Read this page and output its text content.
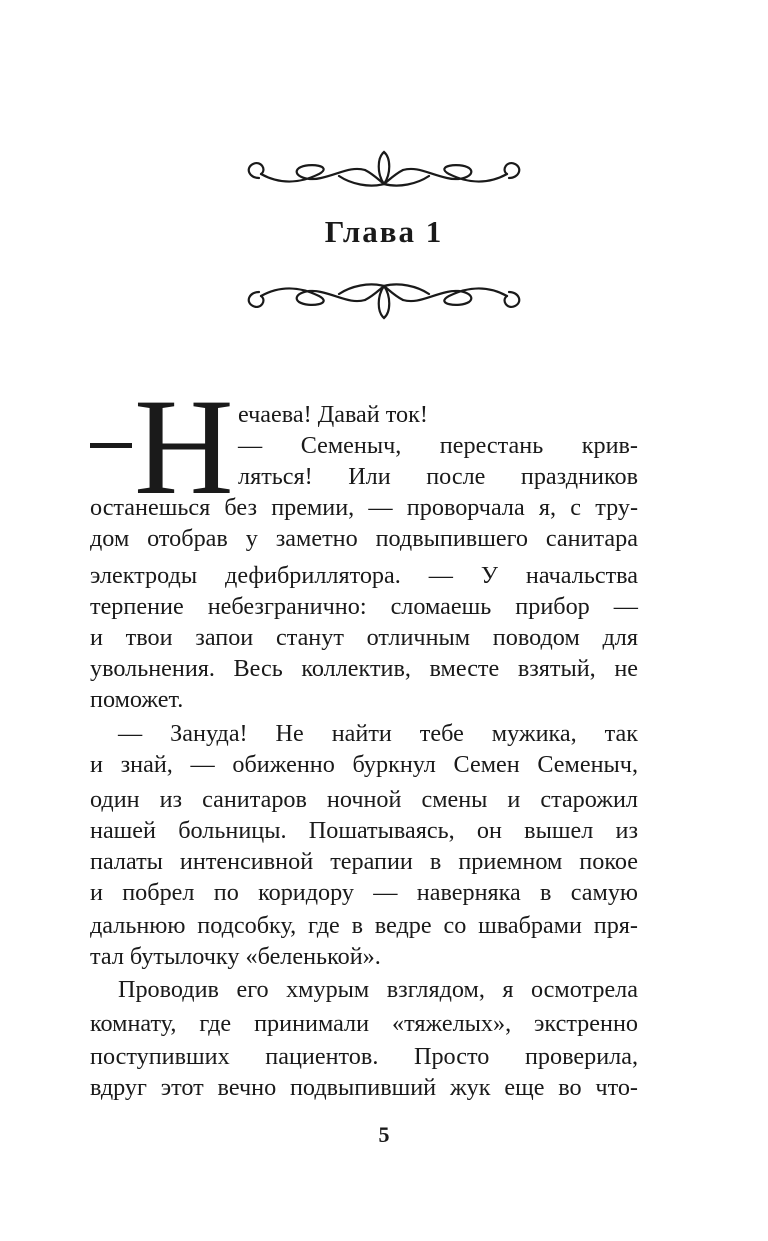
Глава 1
Н ечаева! Давай ток!

— Семеныч, перестань крив-

ляться! Или после праздников

останешься без премии, — проворчала я, с тру-

дом отобрав у заметно подвыпившего санитара

электроды дефибриллятора. — У начальства

терпение небезгранично: сломаешь прибор —

и твои запои станут отличным поводом для

увольнения. Весь коллектив, вместе взятый, не

поможет.

— Зануда! Не найти тебе мужика, так

и знай, — обиженно буркнул Семен Семеныч,

один из санитаров ночной смены и старожил

нашей больницы. Пошатываясь, он вышел из

палаты интенсивной терапии в приемном покое

и побрел по коридору — наверняка в самую

дальнюю подсобку, где в ведре со швабрами пря-

тал бутылочку «беленькой».

Проводив его хмурым взглядом, я осмотрела

комнату, где принимали «тяжелых», экстренно

поступивших пациентов. Просто проверила,

вдруг этот вечно подвыпивший жук еще во что-

5
